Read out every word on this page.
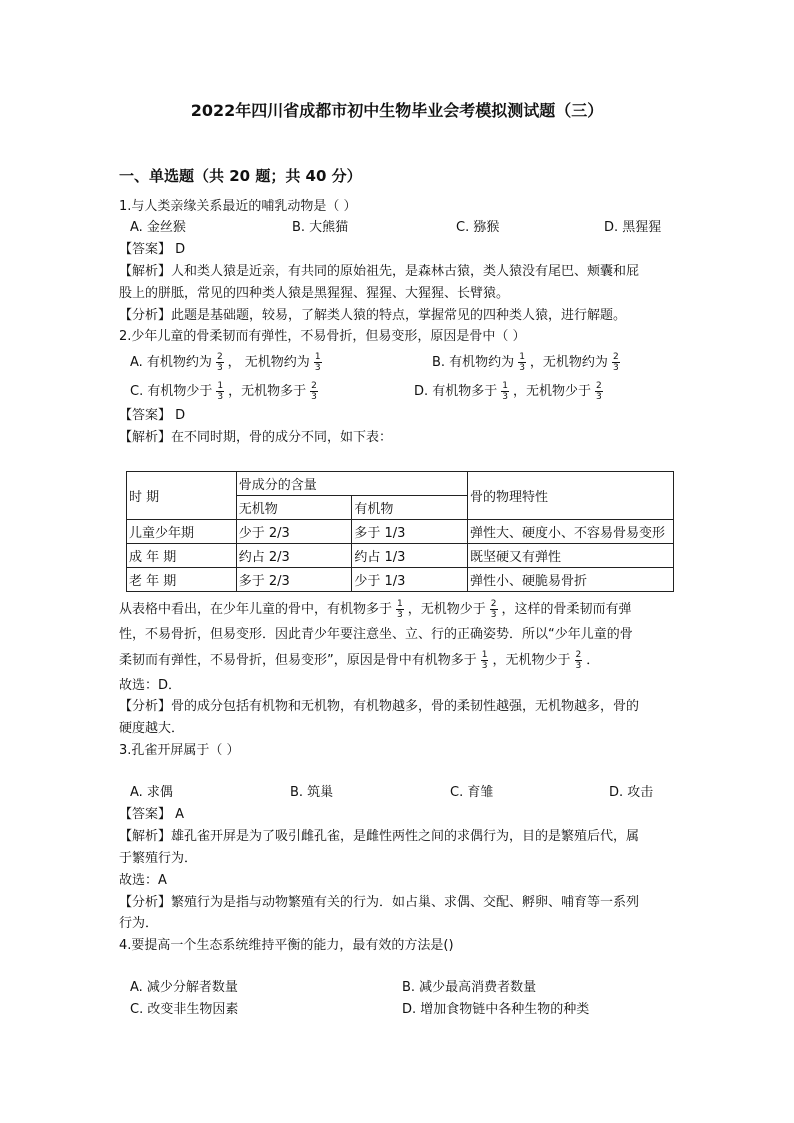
2022年四川省成都市初中生物毕业会考模拟测试题（三）
一、单选题（共 20 题；共 40 分）
1.与人类亲缘关系最近的哺乳动物是（ ）
A. 金丝猴	B. 大熊猫	C. 猕猴	D. 黑猩猩
【答案】 D
【解析】人和类人猿是近亲，有共同的原始祖先，是森林古猿，类人猿没有尾巴、颊囊和屁
股上的胼胝，常见的四种类人猿是黑猩猩、猩猩、大猩猩、长臂猿。
【分析】此题是基础题，较易，了解类人猿的特点，掌握常见的四种类人猿，进行解题。
2.少年儿童的骨柔韧而有弹性，不易骨折，但易变形，原因是骨中（ ）
A. 有机物约为 $\frac{2}{3}$ ， 无机物约为 $\frac{1}{3}$	B. 有机物约为 $\frac{1}{3}$ ，无机物约为 $\frac{2}{3}$
C. 有机物少于 $\frac{1}{3}$ ，无机物多于 $\frac{2}{3}$	D. 有机物多于 $\frac{1}{3}$ ，无机物少于 $\frac{2}{3}$
【答案】 D
【解析】在不同时期，骨的成分不同，如下表：
时 期	骨成分的含量		骨的物理特性
	无机物	有机物	
儿童少年期	少于 2/3	多于 1/3	弹性大、硬度小、不容易骨易变形
成 年 期	约占 2/3	约占 1/3	既坚硬又有弹性
老 年 期	多于 2/3	少于 1/3	弹性小、硬脆易骨折
从表格中看出，在少年儿童的骨中，有机物多于 $\frac{1}{3}$ ，无机物少于 $\frac{2}{3}$ ，这样的骨柔韧而有弹
性，不易骨折，但易变形．因此青少年要注意坐、立、行的正确姿势．所以“少年儿童的骨
柔韧而有弹性，不易骨折，但易变形”，原因是骨中有机物多于 $\frac{1}{3}$ ，无机物少于 $\frac{2}{3}$ ．
故选：D．
【分析】骨的成分包括有机物和无机物，有机物越多，骨的柔韧性越强，无机物越多，骨的
硬度越大．
3.孔雀开屏属于（ ）
A. 求偶	B. 筑巢	C. 育雏	D. 攻击
【答案】 A
【解析】雄孔雀开屏是为了吸引雌孔雀，是雌性两性之间的求偶行为，目的是繁殖后代，属
于繁殖行为．
故选：A
【分析】繁殖行为是指与动物繁殖有关的行为．如占巢、求偶、交配、孵卵、哺育等一系列
行为．
4.要提高一个生态系统维持平衡的能力，最有效的方法是()
A. 减少分解者数量	B. 减少最高消费者数量
C. 改变非生物因素	D. 增加食物链中各种生物的种类
